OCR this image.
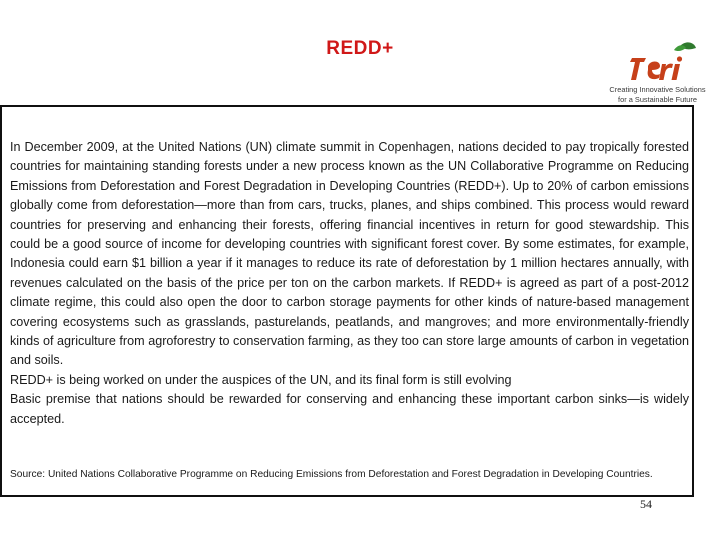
REDD+
Creating Innovative Solutions
for a Sustainable Future

In December 2009, at the United Nations (UN) climate summit in Copenhagen, nations decided to pay tropically forested countries for maintaining standing forests under a new process known as the UN Collaborative Programme on Reducing Emissions from Deforestation and Forest Degradation in Developing Countries (REDD+). Up to 20% of carbon emissions globally come from deforestation—more than from cars, trucks, planes, and ships combined. This process would reward countries for preserving and enhancing their forests, offering financial incentives in return for good stewardship. This could be a good source of income for developing countries with significant forest cover. By some estimates, for example, Indonesia could earn $1 billion a year if it manages to reduce its rate of deforestation by 1 million hectares annually, with revenues calculated on the basis of the price per ton on the carbon markets. If REDD+ is agreed as part of a post-2012 climate regime, this could also open the door to carbon storage payments for other kinds of nature-based management covering ecosystems such as grasslands, pasturelands, peatlands, and mangroves; and more environmentally-friendly kinds of agriculture from agroforestry to conservation farming, as they too can store large amounts of carbon in vegetation and soils.
REDD+ is being worked on under the auspices of the UN, and its final form is still evolving
Basic premise that nations should be rewarded for conserving and enhancing these important carbon sinks—is widely accepted.

Source: United Nations Collaborative Programme on Reducing Emissions from Deforestation and Forest Degradation in Developing Countries.

54
